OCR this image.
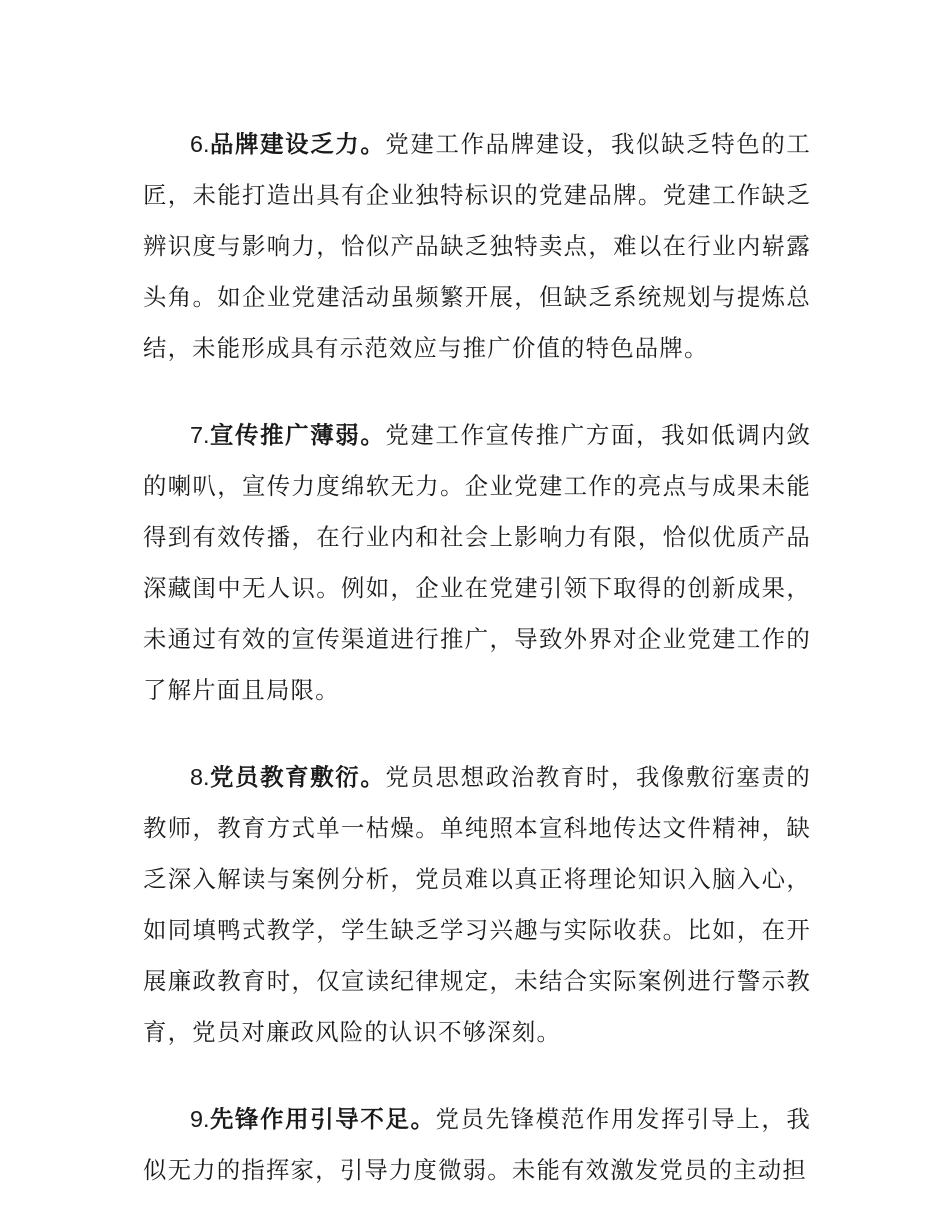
6.品牌建设乏力。党建工作品牌建设，我似缺乏特色的工匠，未能打造出具有企业独特标识的党建品牌。党建工作缺乏辨识度与影响力，恰似产品缺乏独特卖点，难以在行业内崭露头角。如企业党建活动虽频繁开展，但缺乏系统规划与提炼总结，未能形成具有示范效应与推广价值的特色品牌。

7.宣传推广薄弱。党建工作宣传推广方面，我如低调内敛的喇叭，宣传力度绵软无力。企业党建工作的亮点与成果未能得到有效传播，在行业内和社会上影响力有限，恰似优质产品深藏闺中无人识。例如，企业在党建引领下取得的创新成果，未通过有效的宣传渠道进行推广，导致外界对企业党建工作的了解片面且局限。

8.党员教育敷衍。党员思想政治教育时，我像敷衍塞责的教师，教育方式单一枯燥。单纯照本宣科地传达文件精神，缺乏深入解读与案例分析，党员难以真正将理论知识入脑入心，如同填鸭式教学，学生缺乏学习兴趣与实际收获。比如，在开展廉政教育时，仅宣读纪律规定，未结合实际案例进行警示教育，党员对廉政风险的认识不够深刻。

9.先锋作用引导不足。党员先锋模范作用发挥引导上，我似无力的指挥家，引导力度微弱。未能有效激发党员的主动担
